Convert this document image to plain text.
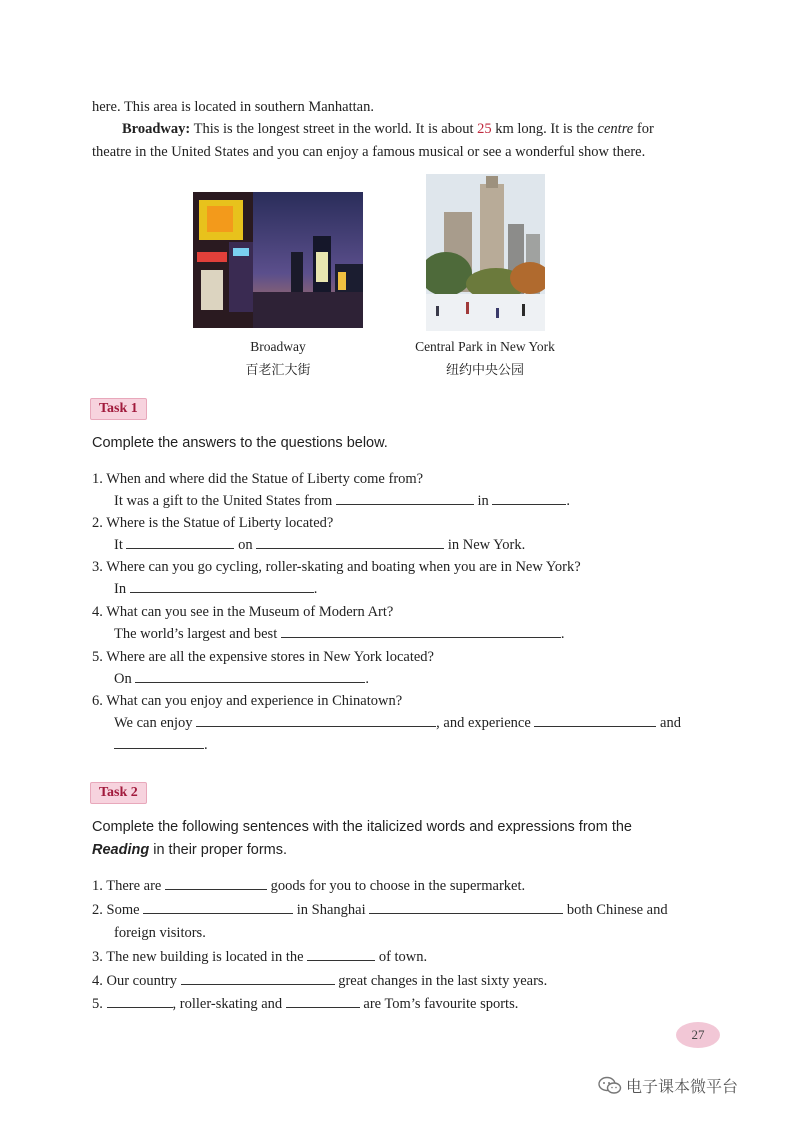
here. This area is located in southern Manhattan.
Broadway: This is the longest street in the world. It is about 25 km long. It is the centre for
theatre in the United States and you can enjoy a famous musical or see a wonderful show there.
Broadway
百老汇大街
Central Park in New York
纽约中央公园
Task 1
Complete the answers to the questions below.
1. When and where did the Statue of Liberty come from?
It was a gift to the United States from	in	.
2. Where is the Statue of Liberty located?
It	on	in New York.
3. Where can you go cycling, roller-skating and boating when you are in New York?
In	.
4. What can you see in the Museum of Modern Art?
The world’s largest and best	.
5. Where are all the expensive stores in New York located?
On	.
6. What can you enjoy and experience in Chinatown?
We can enjoy	, and experience	and
.
Task 2
Complete the following sentences with the italicized words and expressions from the
Reading in their proper forms.
1. There are	goods for you to choose in the supermarket.
2. Some	in Shanghai	both Chinese and
foreign visitors.
3. The new building is located in the	of town.
4. Our country	great changes in the last sixty years.
5.	, roller-skating and	are Tom’s favourite sports.
27
电子课本微平台
